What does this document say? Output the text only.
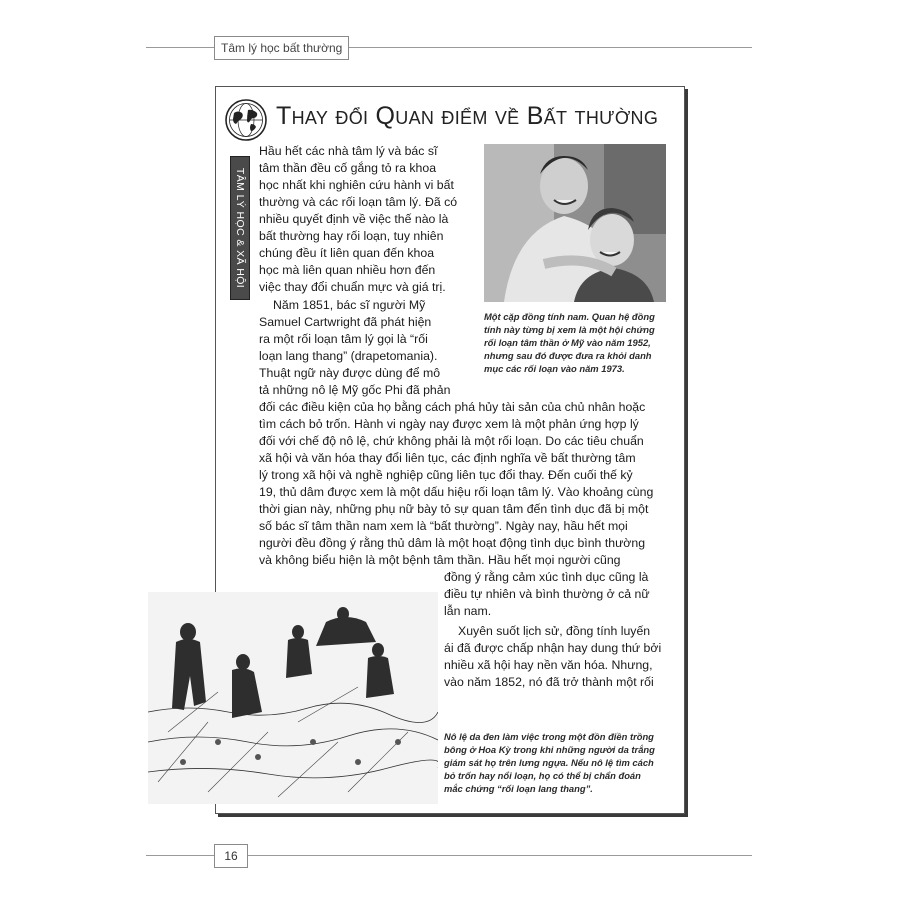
Tâm lý học bất thường
Thay đổi Quan điểm về Bất thường
TÂM LÝ HỌC & XÃ HỘI

Hầu hết các nhà tâm lý và bác sĩ

tâm thần đều cố gắng tỏ ra khoa

học nhất khi nghiên cứu hành vi bất

thường và các rối loạn tâm lý. Đã có

nhiều quyết định về việc thế nào là

bất thường hay rối loạn, tuy nhiên

chúng đều ít liên quan đến khoa

học mà liên quan nhiều hơn đến

việc thay đổi chuẩn mực và giá trị.

Năm 1851, bác sĩ người Mỹ

Samuel Cartwright đã phát hiện

ra một rối loạn tâm lý gọi là “rối

loạn lang thang” (drapetomania).

Thuật ngữ này được dùng để mô

tả những nô lệ Mỹ gốc Phi đã phản

đối các điều kiện của họ bằng cách phá hủy tài sản của chủ nhân hoặc

tìm cách bỏ trốn. Hành vi ngày nay được xem là một phản ứng hợp lý

đối với chế độ nô lệ, chứ không phải là một rối loạn. Do các tiêu chuẩn

xã hội và văn hóa thay đổi liên tục, các định nghĩa về bất thường tâm

lý trong xã hội và nghề nghiệp cũng liên tục đổi thay. Đến cuối thế kỷ

19, thủ dâm được xem là một dấu hiệu rối loạn tâm lý. Vào khoảng cùng

thời gian này, những phụ nữ bày tỏ sự quan tâm đến tình dục đã bị một

số bác sĩ tâm thần nam xem là “bất thường”. Ngày nay, hầu hết mọi

người đều đồng ý rằng thủ dâm là một hoạt động tình dục bình thường

và không biểu hiện là một bệnh tâm thần. Hầu hết mọi người cũng

đồng ý rằng cảm xúc tình dục cũng là

điều tự nhiên và bình thường ở cả nữ

lẫn nam.

Xuyên suốt lịch sử, đồng tính luyến

ái đã được chấp nhận hay dung thứ bởi

nhiều xã hội hay nền văn hóa. Nhưng,

vào năm 1852, nó đã trở thành một rối

Một cặp đồng tính nam. Quan hệ đồng
tính này từng bị xem là một hội chứng
rối loạn tâm thần ở Mỹ vào năm 1952,
nhưng sau đó được đưa ra khỏi danh
mục các rối loạn vào năm 1973.
Nô lệ da đen làm việc trong một đồn điền trồng
bông ở Hoa Kỳ trong khi những người da trắng
giám sát họ trên lưng ngựa. Nếu nô lệ tìm cách
bỏ trốn hay nổi loạn, họ có thể bị chẩn đoán
mắc chứng “rối loạn lang thang”.
16
